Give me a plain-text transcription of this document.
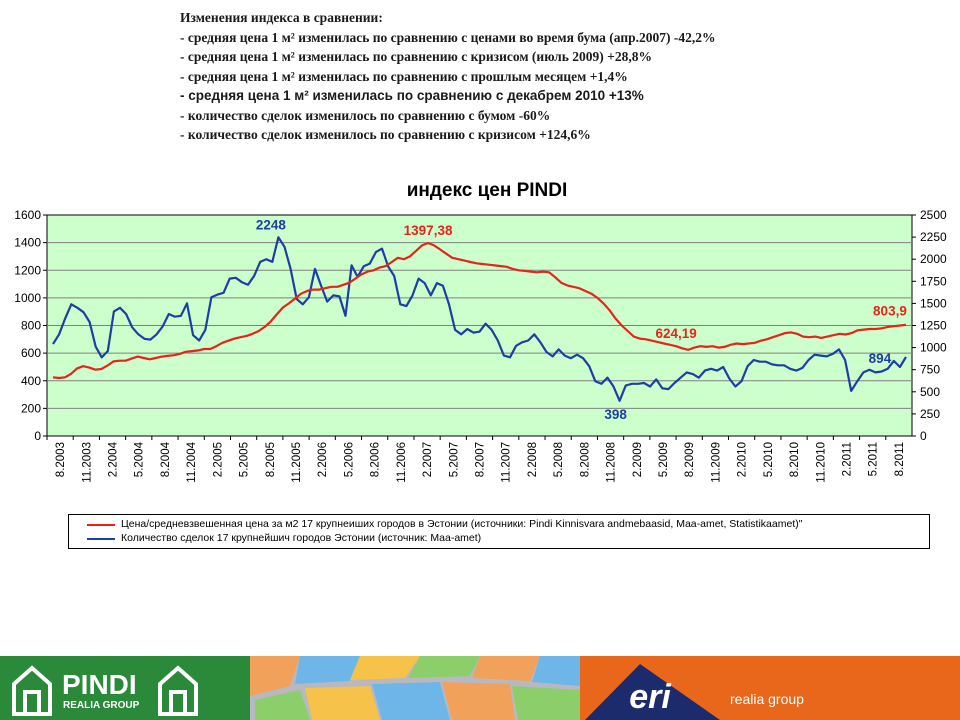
Изменения индекса в сравнении:
- средняя цена 1 м² изменилась по сравнению с ценами во время бума (апр.2007) -42,2%
- средняя цена 1 м² изменилась по сравнению с кризисом (июль 2009) +28,8%
- средняя цена 1 м² изменилась по сравнению с прошлым месяцем +1,4%
- средняя цена 1 м² изменилась по сравнению с декабрем 2010 +13%
- количество сделок изменилось по сравнению с бумом -60%
- количество сделок изменилось по сравнению с кризисом +124,6%
индекс цен PINDI
1600
1400
1200
1000
800
600
400
200
0
2500
2250
2000
1750
1500
1250
1000
750
500
250
0
8.2003 11.2003 2.2004 5.2004 8.2004 11.2004 2.2005 5.2005 8.2005 11.2005 2.2006 5.2006 8.2006 11.2006 2.2007 5.2007 8.2007 11.2007 2.2008 5.2008 8.2008 11.2008 2.2009 5.2009 8.2009 11.2009 2.2010 5.2010 8.2010 11.2010 2.2011 5.2011 8.2011
2248	1397,38
624,19
398
803,9
894
Цена/средневзвешенная цена за м2 17 крупнеиших городов в Эстонии (источники: Pindi Kinnisvara andmebaasid, Maa-amet, Statistikaamet)"
Количество сделок 17 крупнейшич городов Эстонии (источник: Maa-amet)
PINDI
REALIA GROUP	eri	realia group
